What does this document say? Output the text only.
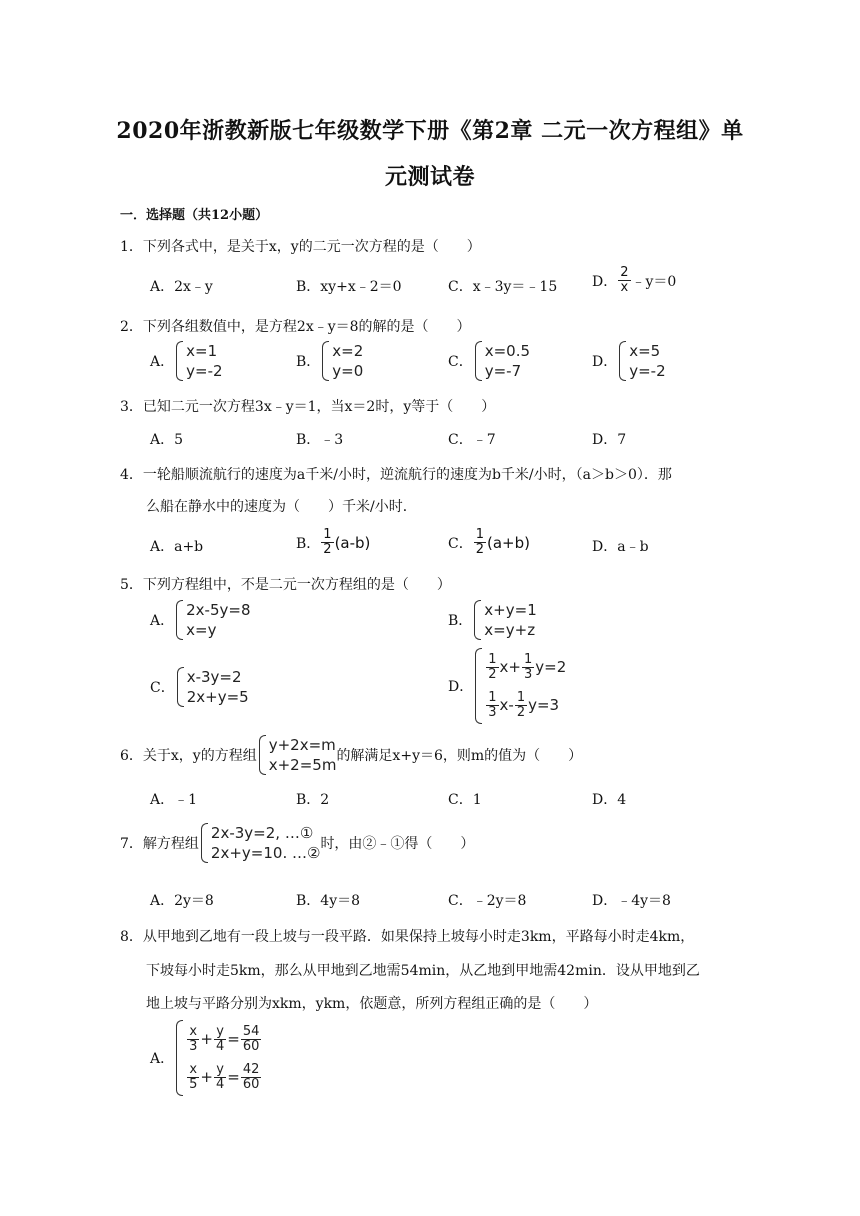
2020年浙教新版七年级数学下册《第2章 二元一次方程组》单
元测试卷
一．选择题（共12小题）
1．下列各式中，是关于x，y的二元一次方程的是（　　）
A．2x﹣y	B．xy+x﹣2＝0	C．x﹣3y＝﹣15 D． $\frac{2}{x}$ ﹣y＝0
2．下列各组数值中，是方程2x﹣y＝8的解的是（　　）
A．
x=1
y=-2	B．
x=2
y=0	C．
x=0.5
y=-7	D．
x=5
y=-2
3．已知二元一次方程3x﹣y＝1，当x＝2时，y等于（　　）
A．5	B．﹣3	C．﹣7	D．7
4．一轮船顺流航行的速度为a千米/小时，逆流航行的速度为b千米/小时，（a＞b＞0）．那
么船在静水中的速度为（　　）千米/小时．
A．a+b	B． $\frac{1}{2} (a-b)$	C． $\frac{1}{2} (a+b)$	D．a﹣b
5．下列方程组中，不是二元一次方程组的是（　　）
A．
2x-5y=8
x=y	B．
x+y=1
x=y+z
C．
x-3y=2
2x+y=5
D．
$\frac{1}{2} x+ \frac{1}{3} y=2$
$\frac{1}{3} x- \frac{1}{2} y=3$
6．关于x，y的方程组
y+2x=m
x+2=5m 的解满足x+y＝6，则m的值为（　　）
A．﹣1	B．2	C．1	D．4
7．解方程组
2x-3y=2, …①
2x+y=10. …② 时，由②﹣①得（　　）
A．2y＝8	B．4y＝8	C．﹣2y＝8	D．﹣4y＝8
8．从甲地到乙地有一段上坡与一段平路．如果保持上坡每小时走3km，平路每小时走4km，
下坡每小时走5km，那么从甲地到乙地需54min，从乙地到甲地需42min．设从甲地到乙
地上坡与平路分别为xkm，ykm，依题意，所列方程组正确的是（　　）
A．
$\frac{x}{3} + \frac{y}{4} = \frac{54}{60}$
$\frac{x}{5} + \frac{y}{4} = \frac{42}{60}$
